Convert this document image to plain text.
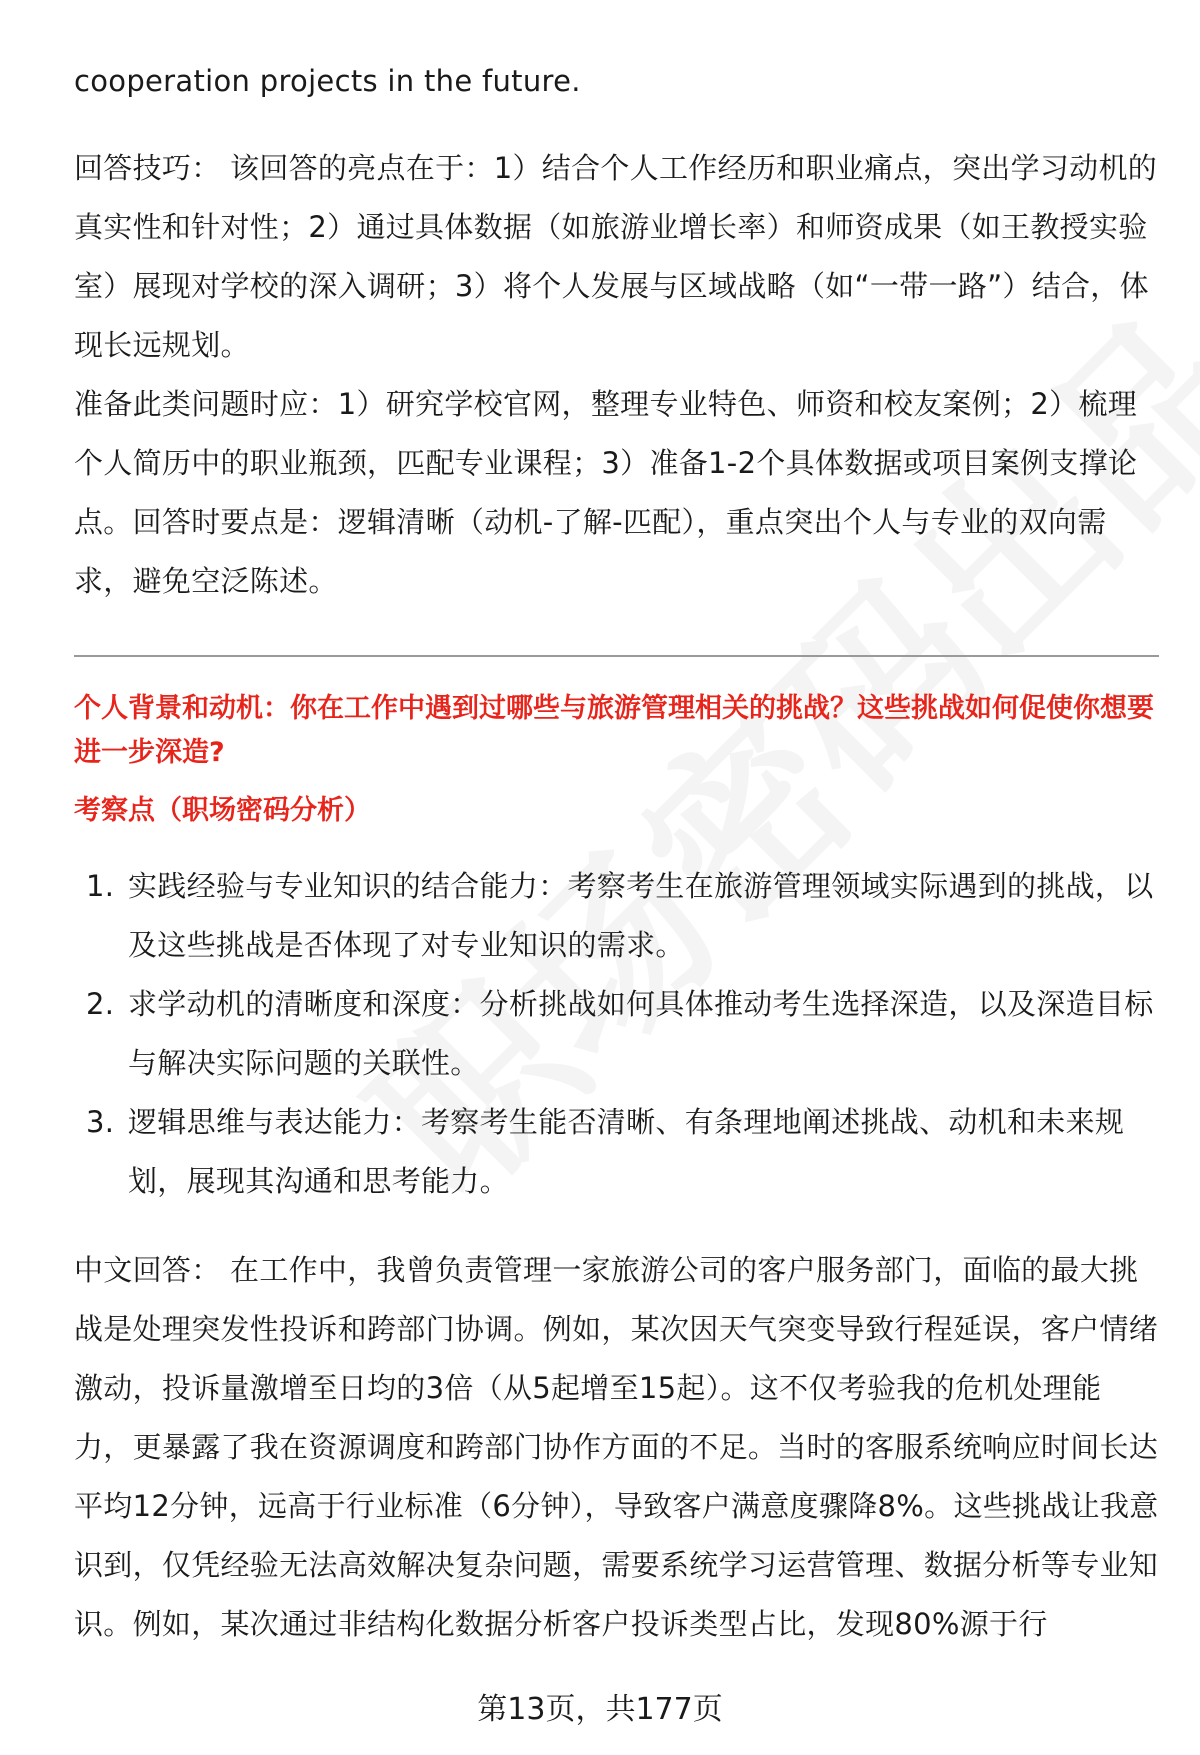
cooperation projects in the future.

回答技巧： 该回答的亮点在于：1）结合个人工作经历和职业痛点，突出学习动机的真实性和针对性；2）通过具体数据（如旅游业增长率）和师资成果（如王教授实验室）展现对学校的深入调研；3）将个人发展与区域战略（如“一带一路”）结合，体现长远规划。

准备此类问题时应：1）研究学校官网，整理专业特色、师资和校友案例；2）梳理个人简历中的职业瓶颈，匹配专业课程；3）准备1-2个具体数据或项目案例支撑论点。回答时要点是：逻辑清晰（动机-了解-匹配），重点突出个人与专业的双向需求，避免空泛陈述。

个人背景和动机：你在工作中遇到过哪些与旅游管理相关的挑战？这些挑战如何促使你想要进一步深造?
考察点（职场密码分析）
1. 实践经验与专业知识的结合能力：考察考生在旅游管理领域实际遇到的挑战，以及这些挑战是否体现了对专业知识的需求。
2. 求学动机的清晰度和深度：分析挑战如何具体推动考生选择深造，以及深造目标与解决实际问题的关联性。
3. 逻辑思维与表达能力：考察考生能否清晰、有条理地阐述挑战、动机和未来规划，展现其沟通和思考能力。

中文回答： 在工作中，我曾负责管理一家旅游公司的客户服务部门，面临的最大挑战是处理突发性投诉和跨部门协调。例如，某次因天气突变导致行程延误，客户情绪激动，投诉量激增至日均的3倍（从5起增至15起）。这不仅考验我的危机处理能力，更暴露了我在资源调度和跨部门协作方面的不足。当时的客服系统响应时间长达平均12分钟，远高于行业标准（6分钟），导致客户满意度骤降8%。这些挑战让我意识到，仅凭经验无法高效解决复杂问题，需要系统学习运营管理、数据分析等专业知识。例如，某次通过非结构化数据分析客户投诉类型占比，发现80%源于行

第13页，共177页
